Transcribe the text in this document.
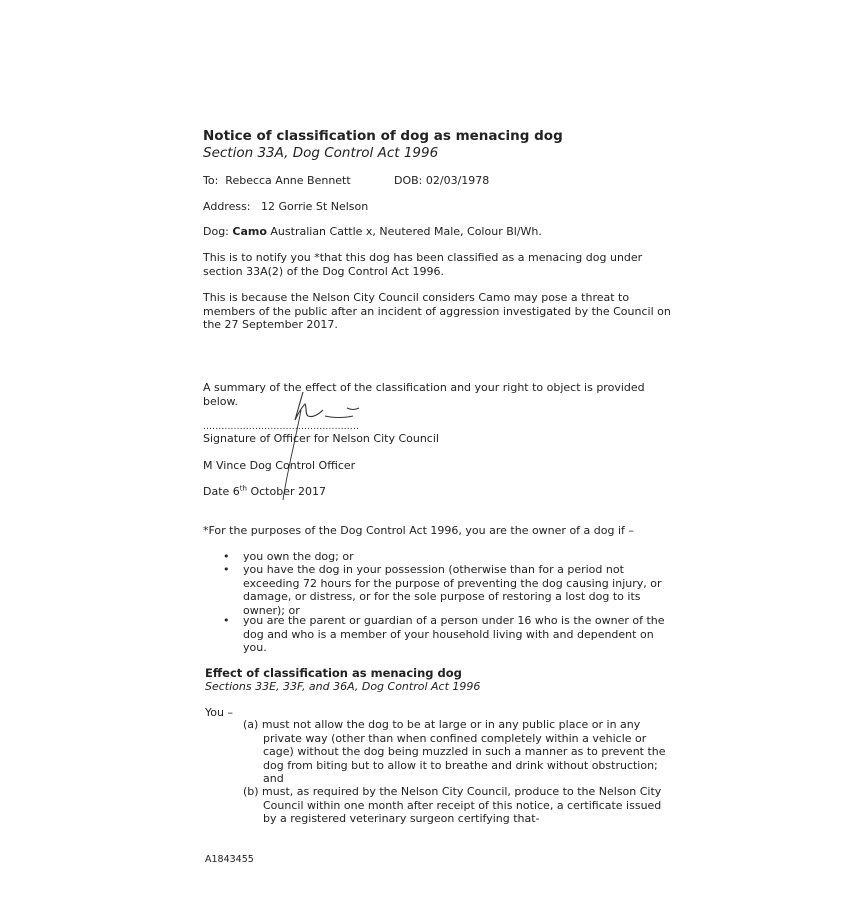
Notice of classification of dog as menacing dog
Section 33A, Dog Control Act 1996
To: Rebecca Anne Bennett	DOB: 02/03/1978
Address: 12 Gorrie St Nelson
Dog: Camo Australian Cattle x, Neutered Male, Colour Bl/Wh.
This is to notify you *that this dog has been classified as a menacing dog under
section 33A(2) of the Dog Control Act 1996.
This is because the Nelson City Council considers Camo may pose a threat to
members of the public after an incident of aggression investigated by the Council on
the 27 September 2017.
A summary of the effect of the classification and your right to object is provided
below.
...................................................
Signature of Officer for Nelson City Council
M Vince Dog Control Officer
Date 6th October 2017
*For the purposes of the Dog Control Act 1996, you are the owner of a dog if –
• you own the dog; or
• you have the dog in your possession (otherwise than for a period not
exceeding 72 hours for the purpose of preventing the dog causing injury, or
damage, or distress, or for the sole purpose of restoring a lost dog to its
owner); or
• you are the parent or guardian of a person under 16 who is the owner of the
dog and who is a member of your household living with and dependent on
you.
Effect of classification as menacing dog
Sections 33E, 33F, and 36A, Dog Control Act 1996
You –
(a) must not allow the dog to be at large or in any public place or in any
private way (other than when confined completely within a vehicle or
cage) without the dog being muzzled in such a manner as to prevent the
dog from biting but to allow it to breathe and drink without obstruction;
and
(b) must, as required by the Nelson City Council, produce to the Nelson City
Council within one month after receipt of this notice, a certificate issued
by a registered veterinary surgeon certifying that-
A1843455
